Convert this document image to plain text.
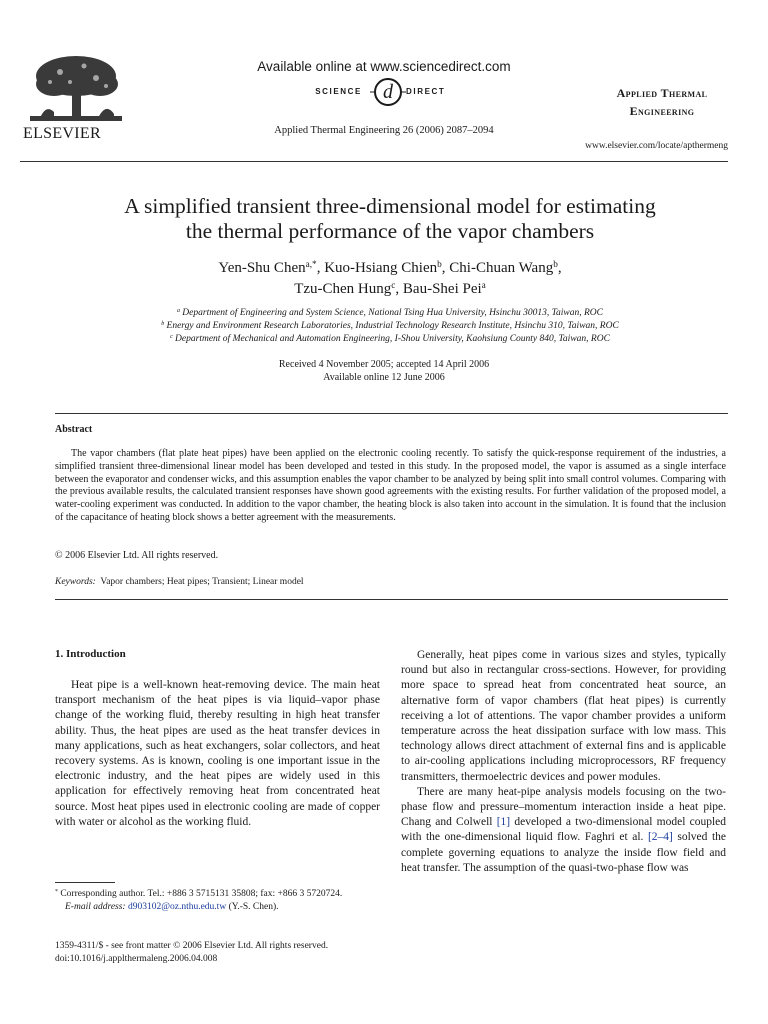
ELSEVIER
Available online at www.sciencedirect.com
d
SCIENCE	DIRECT
Applied Thermal Engineering 26 (2006) 2087–2094
Applied Thermal
Engineering
www.elsevier.com/locate/apthermeng
A simplified transient three-dimensional model for estimating
the thermal performance of the vapor chambers
Yen-Shu Chen$^{a,*}$, Kuo-Hsiang Chien$^b$, Chi-Chuan Wang$^b$,
Tzu-Chen Hung$^c$, Bau-Shei Pei$^a$
$^a$ Department of Engineering and System Science, National Tsing Hua University, Hsinchu 30013, Taiwan, ROC
$^b$ Energy and Environment Research Laboratories, Industrial Technology Research Institute, Hsinchu 310, Taiwan, ROC
$^c$ Department of Mechanical and Automation Engineering, I-Shou University, Kaohsiung County 840, Taiwan, ROC
Received 4 November 2005; accepted 14 April 2006
Available online 12 June 2006
Abstract
The vapor chambers (flat plate heat pipes) have been applied on the electronic cooling recently. To satisfy the quick-response requirement of the industries, a simplified transient three-dimensional linear model has been developed and tested in this study. In the proposed model, the vapor is assumed as a single interface between the evaporator and condenser wicks, and this assumption enables the vapor chamber to be analyzed by being split into small control volumes. Comparing with the previous available results, the calculated transient responses have shown good agreements with the existing results. For further validation of the proposed model, a water-cooling experiment was conducted. In addition to the vapor chamber, the heating block is also taken into account in the simulation. It is found that the inclusion of the capacitance of heating block shows a better agreement with the measurements.
© 2006 Elsevier Ltd. All rights reserved.
Keywords: Vapor chambers; Heat pipes; Transient; Linear model
1. Introduction

Heat pipe is a well-known heat-removing device. The main heat transport mechanism of the heat pipes is via liquid–vapor phase change of the working fluid, thereby resulting in high heat transfer ability. Thus, the heat pipes are used as the heat transfer devices in many applications, such as heat exchangers, solar collectors, and heat recovery systems. As is known, cooling is one important issue in the electronic industry, and the heat pipes are widely used in this application for effectively removing heat from concentrated heat source. Most heat pipes used in electronic cooling are made of copper with water or alcohol as the working fluid.

Generally, heat pipes come in various sizes and styles, typically round but also in rectangular cross-sections. However, for providing more space to spread heat from concentrated heat source, an alternative form of vapor chambers (flat heat pipes) is currently receiving a lot of attentions. The vapor chamber provides a uniform temperature across the heat dissipation surface with low mass. This technology allows direct attachment of external fins and is applicable to air-cooling applications including microprocessors, RF frequency transmitters, thermoelectric devices and power modules.

There are many heat-pipe analysis models focusing on the two-phase flow and pressure–momentum interaction inside a heat pipe. Chang and Colwell [1] developed a two-dimensional model coupled with the one-dimensional liquid flow. Faghri et al. [2–4] solved the complete governing equations to analyze the inside flow field and heat transfer. The assumption of the quasi-two-phase flow was

* Corresponding author. Tel.: +886 3 5715131 35808; fax: +866 3 5720724.
E-mail address: d903102@oz.nthu.edu.tw (Y.-S. Chen).
1359-4311/$ - see front matter © 2006 Elsevier Ltd. All rights reserved.
doi:10.1016/j.applthermaleng.2006.04.008
